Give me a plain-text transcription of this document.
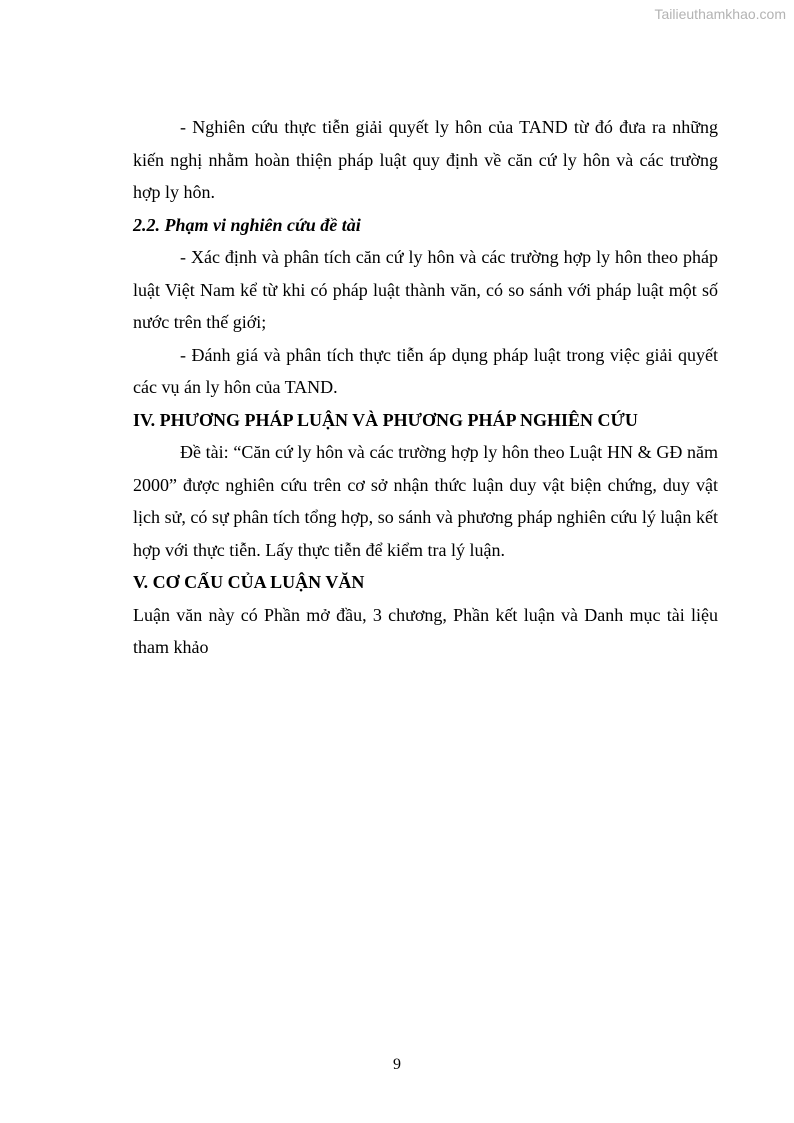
Tailieuthamkhao.com

- Nghiên cứu thực tiễn giải quyết ly hôn của TAND từ đó đưa ra những kiến nghị nhằm hoàn thiện pháp luật quy định về căn cứ ly hôn và các trường hợp ly hôn.

2.2. Phạm vi nghiên cứu đề tài

- Xác định và phân tích căn cứ ly hôn và các trường hợp ly hôn theo pháp luật Việt Nam kể từ khi có pháp luật thành văn, có so sánh với pháp luật một số nước trên thế giới;

- Đánh giá và phân tích thực tiễn áp dụng pháp luật trong việc giải quyết các vụ án ly hôn của TAND.

IV. PHƯƠNG PHÁP LUẬN VÀ PHƯƠNG PHÁP NGHIÊN CỨU

Đề tài: “Căn cứ ly hôn và các trường hợp ly hôn theo Luật HN & GĐ năm 2000” được nghiên cứu trên cơ sở nhận thức luận duy vật biện chứng, duy vật lịch sử, có sự phân tích tổng hợp, so sánh và phương pháp nghiên cứu lý luận kết hợp với thực tiễn. Lấy thực tiễn để kiểm tra lý luận.

V. CƠ CẤU CỦA LUẬN VĂN

Luận văn này có Phần mở đầu, 3 chương, Phần kết luận và Danh mục tài liệu tham khảo

9
